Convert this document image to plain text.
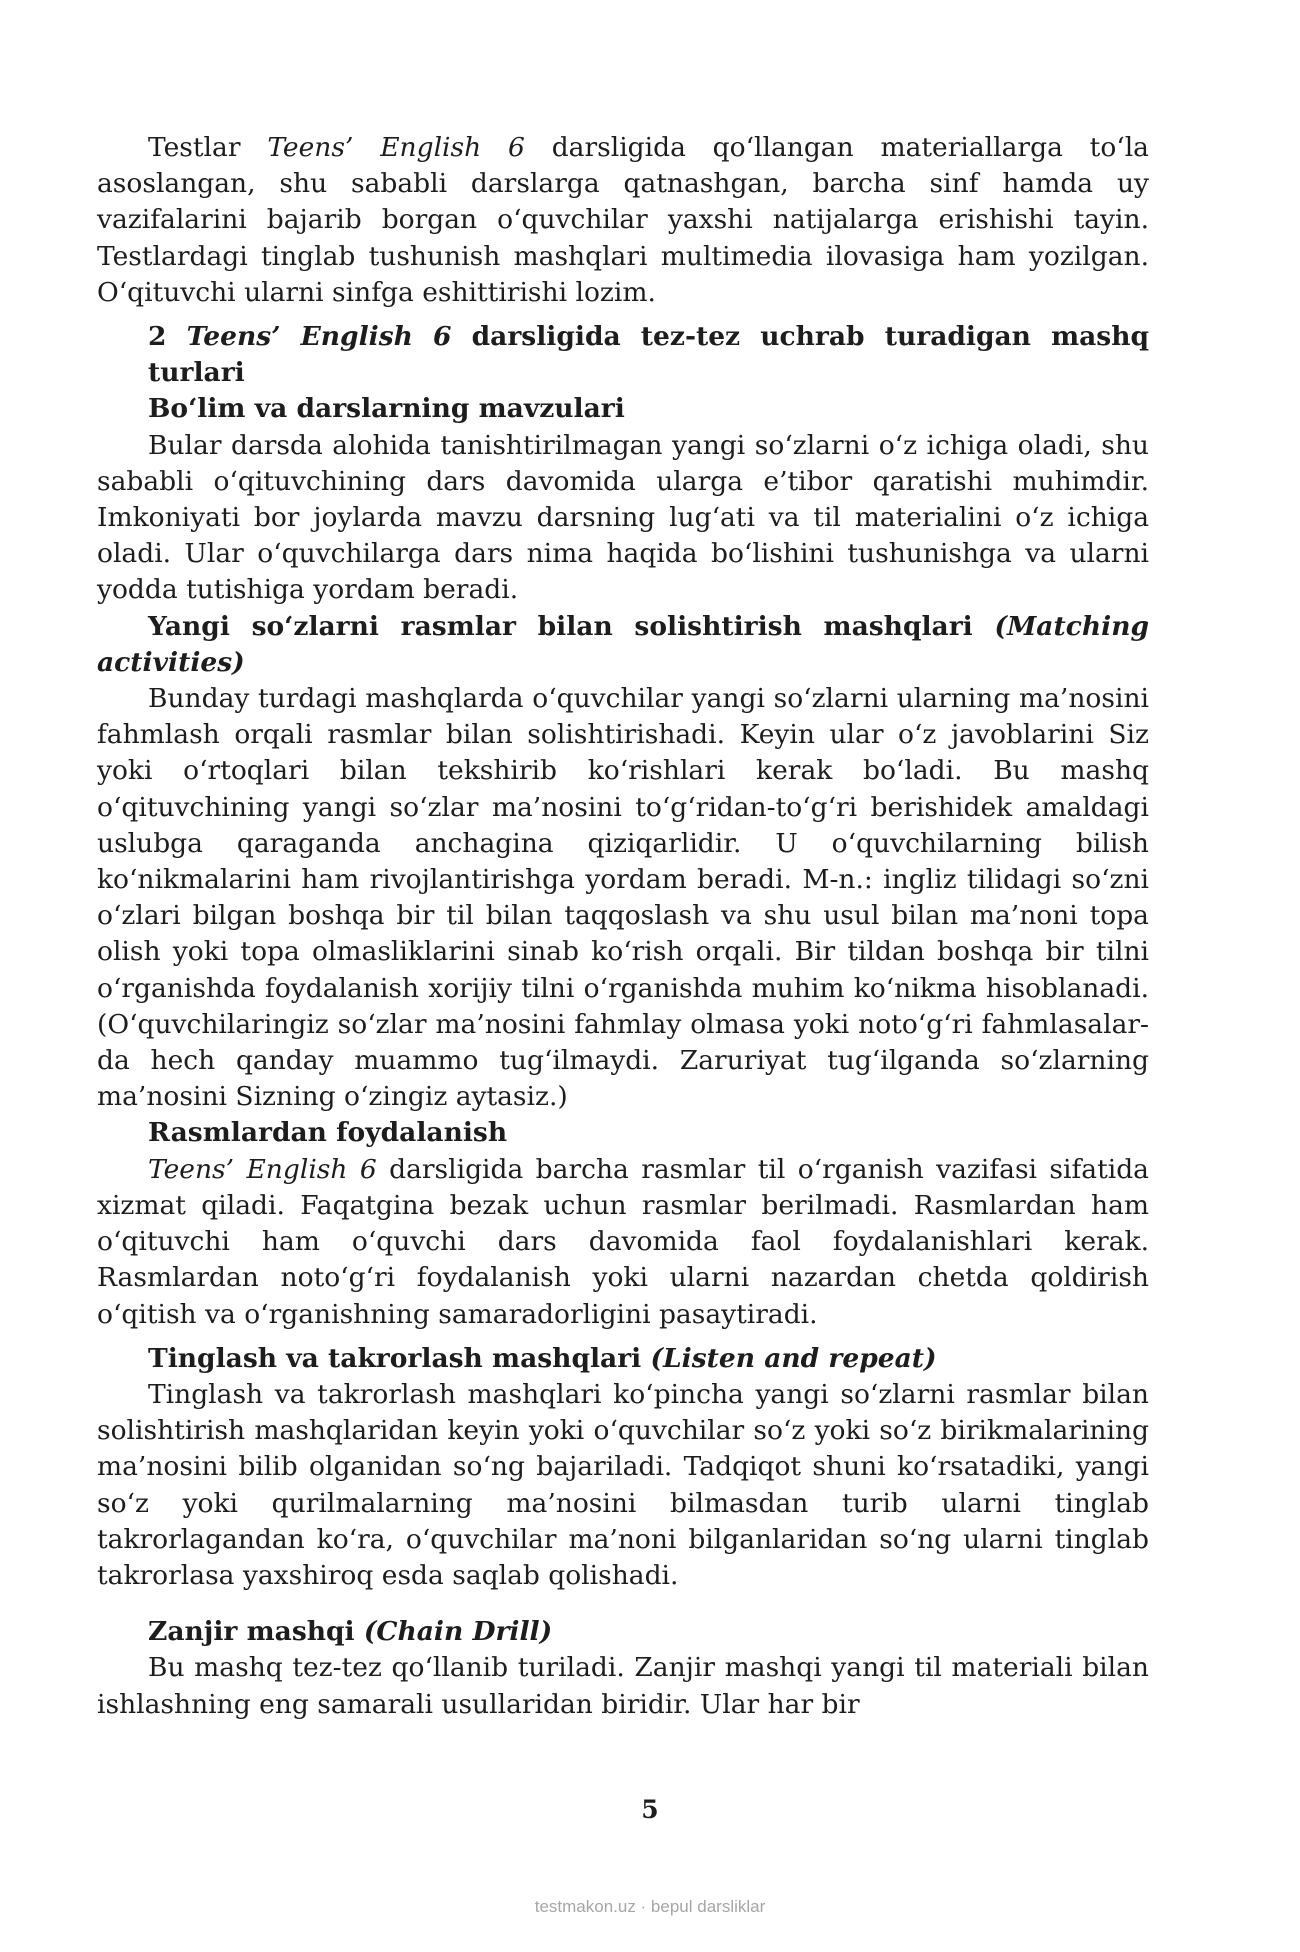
Testlar Teens’ English 6 darsligida qo‘llangan materiallarga to‘la asoslangan, shu sababli darslarga qatnashgan, barcha sinf hamda uy vazifalarini bajarib borgan o‘quvchilar yaxshi natijalarga erishishi tayin. Testlardagi tinglab tushunish mashqlari multimedia ilovasiga ham yozilgan. O‘qituvchi ularni sinfga eshittirishi lozim.

2 Teens’ English 6 darsligida tez-tez uchrab turadigan mashq turlari

Bo‘lim va darslarning mavzulari

Bular darsda alohida tanishtirilmagan yangi so‘zlarni o‘z ichiga oladi, shu sababli o‘qituvchining dars davomida ularga e’tibor qaratishi muhimdir. Imkoniyati bor joylarda mavzu darsning lug‘ati va til materialini o‘z ichiga oladi. Ular o‘quvchilarga dars nima haqida bo‘lishini tushunishga va ularni yodda tutishiga yordam beradi.

Yangi so‘zlarni rasmlar bilan solishtirish mashqlari (Matching activities)

Bunday turdagi mashqlarda o‘quvchilar yangi so‘zlarni ularning ma’nosini fahmlash orqali rasmlar bilan solishtirishadi. Keyin ular o‘z javoblarini Siz yoki o‘rtoqlari bilan tekshirib ko‘rishlari kerak bo‘ladi. Bu mashq o‘qituvchining yangi so‘zlar ma’nosini to‘g‘ridan-to‘g‘ri berishidek amaldagi uslubga qaraganda anchagina qiziqarlidir. U o‘quvchilarning bilish ko‘nikmalarini ham rivojlantirishga yordam beradi. M-n.: ingliz tilidagi so‘zni o‘zlari bilgan boshqa bir til bilan taqqoslash va shu usul bilan ma’noni topa olish yoki topa olmasliklarini sinab ko‘rish orqali. Bir tildan boshqa bir tilni o‘rganishda foydalanish xorijiy tilni o‘rganishda muhim ko‘nikma hisoblanadi. (O‘quvchilaringiz so‘zlar ma’nosini fahmlay olmasa yoki noto‘g‘ri fahmlasalar-da hech qanday muammo tug‘ilmaydi. Zaruriyat tug‘ilganda so‘zlarning ma’nosini Sizning o‘zingiz aytasiz.)

Rasmlardan foydalanish

Teens’ English 6 darsligida barcha rasmlar til o‘rganish vazifasi sifatida xizmat qiladi. Faqatgina bezak uchun rasmlar berilmadi. Rasmlardan ham o‘qituvchi ham o‘quvchi dars davomida faol foydalanishlari kerak. Rasmlardan noto‘g‘ri foydalanish yoki ularni nazardan chetda qoldirish o‘qitish va o‘rganishning samaradorligini pasaytiradi.

Tinglash va takrorlash mashqlari (Listen and repeat)

Tinglash va takrorlash mashqlari ko‘pincha yangi so‘zlarni rasmlar bilan solishtirish mashqlaridan keyin yoki o‘quvchilar so‘z yoki so‘z birikmalarining ma’nosini bilib olganidan so‘ng bajariladi. Tadqiqot shuni ko‘rsatadiki, yangi so‘z yoki qurilmalarning ma’nosini bilmasdan turib ularni tinglab takrorlagandan ko‘ra, o‘quvchilar ma’noni bilganlaridan so‘ng ularni tinglab takrorlasa yaxshiroq esda saqlab qolishadi.

Zanjir mashqi (Chain Drill)

Bu mashq tez-tez qo‘llanib turiladi. Zanjir mashqi yangi til materiali bilan ishlashning eng samarali usullaridan biridir. Ular har bir

5
testmakon.uz · bepul darsliklar
